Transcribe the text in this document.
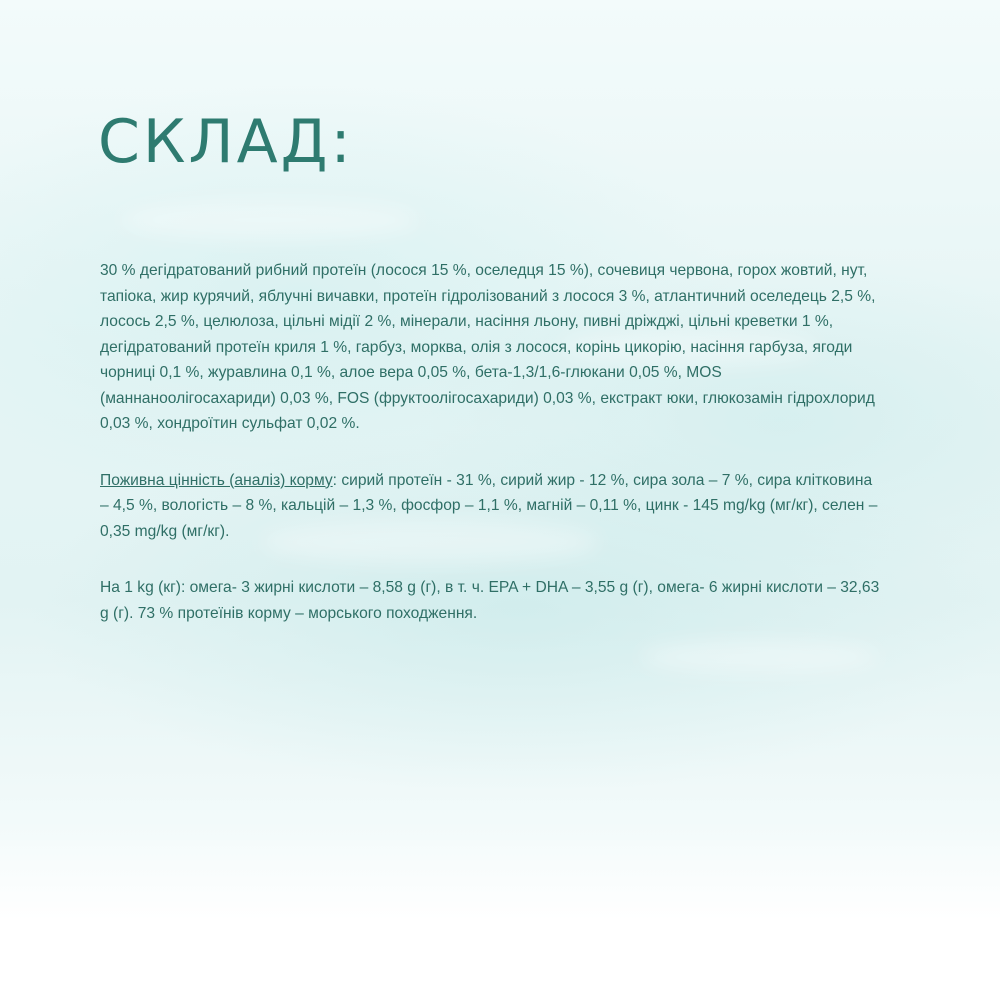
СКЛАД:

30 % дегідратований рибний протеїн (лосося 15 %, оселедця 15 %), сочевиця червона, горох жовтий, нут, тапіока, жир курячий, яблучні вичавки, протеїн гідролізований з лосося 3 %, атлантичний оселедець 2,5 %, лосось 2,5 %, целюлоза, цільні мідії 2 %, мінерали, насіння льону, пивні дріжджі, цільні креветки 1 %, дегідратований протеїн криля 1 %, гарбуз, морква, олія з лосося, корінь цикорію, насіння гарбуза, ягоди чорниці 0,1 %, журавлина 0,1 %, алое вера 0,05 %, бета-1,3/1,6-глюкани 0,05 %, MOS (маннаноолігосахариди) 0,03 %, FOS (фруктоолігосахариди) 0,03 %, екстракт юки, глюкозамін гідрохлорид 0,03 %, хондроїтин сульфат 0,02 %.

Поживна цінність (аналіз) корму: сирий протеїн - 31 %, сирий жир - 12 %, сира зола – 7 %, сира клітковина – 4,5 %, вологість – 8 %, кальцій – 1,3 %, фосфор – 1,1 %, магній – 0,11 %, цинк - 145 mg/kg (мг/кг), селен – 0,35 mg/kg (мг/кг).

На 1 kg (кг): омега- 3 жирні кислоти – 8,58 g (г), в т. ч. EPA + DHA – 3,55 g (г), омега- 6 жирні кислоти – 32,63 g (г). 73 % протеїнів корму – морського походження.
